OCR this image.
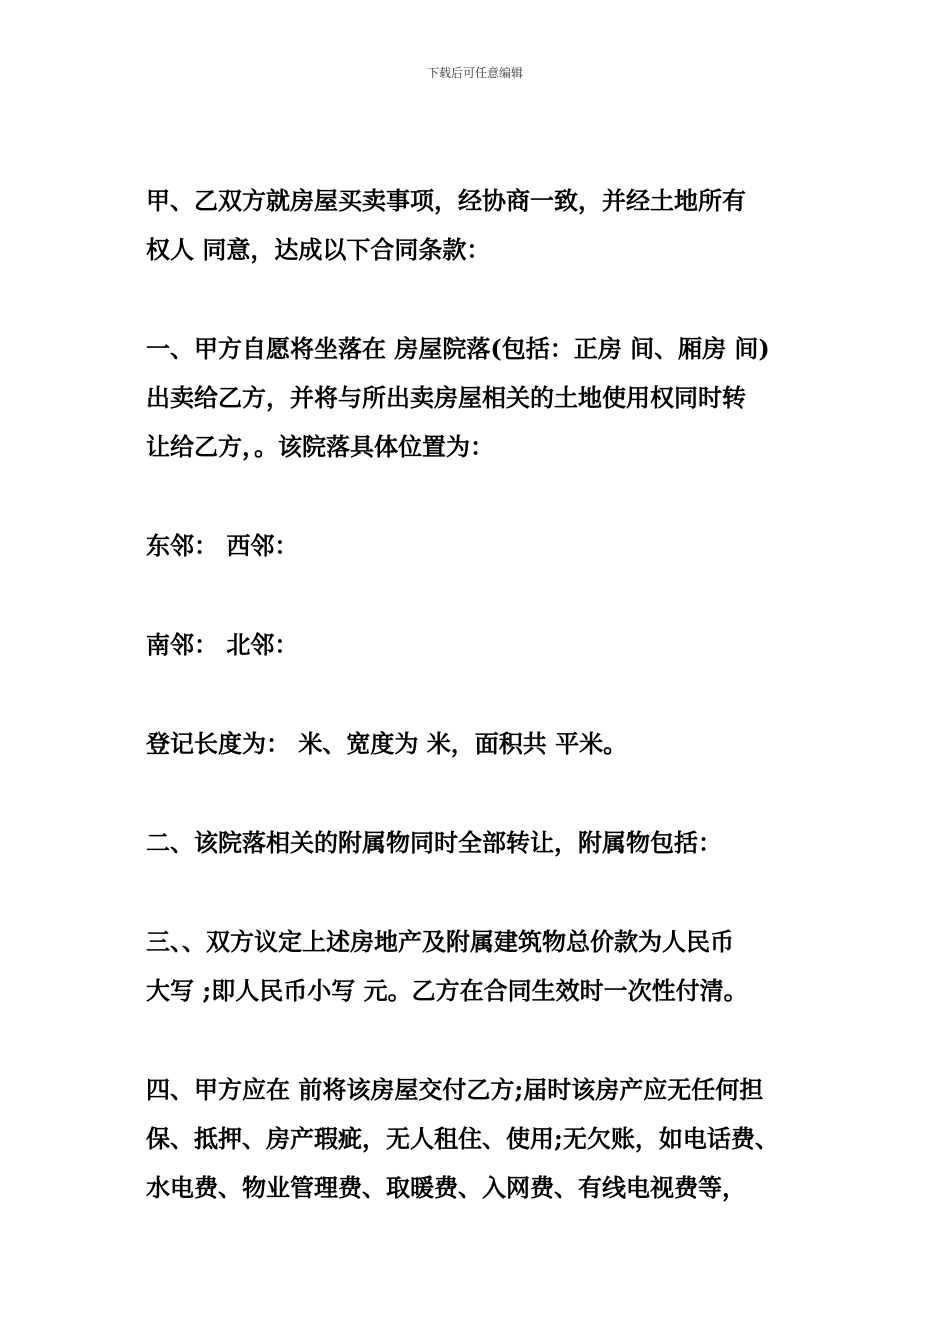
下载后可任意编辑
甲、乙双方就房屋买卖事项，经协商一致，并经土地所有
权人 同意，达成以下合同条款：
一、甲方自愿将坐落在 房屋院落(包括：正房 间、厢房 间)
出卖给乙方，并将与所出卖房屋相关的土地使用权同时转
让给乙方，。该院落具体位置为：
东邻： 西邻：
南邻： 北邻：
登记长度为： 米、宽度为 米，面积共 平米。
二、该院落相关的附属物同时全部转让，附属物包括：
三、、双方议定上述房地产及附属建筑物总价款为人民币
大写 ;即人民币小写 元。乙方在合同生效时一次性付清。
四、甲方应在 前将该房屋交付乙方;届时该房产应无任何担
保、抵押、房产瑕疵，无人租住、使用;无欠账，如电话费、
水电费、物业管理费、取暖费、入网费、有线电视费等，
